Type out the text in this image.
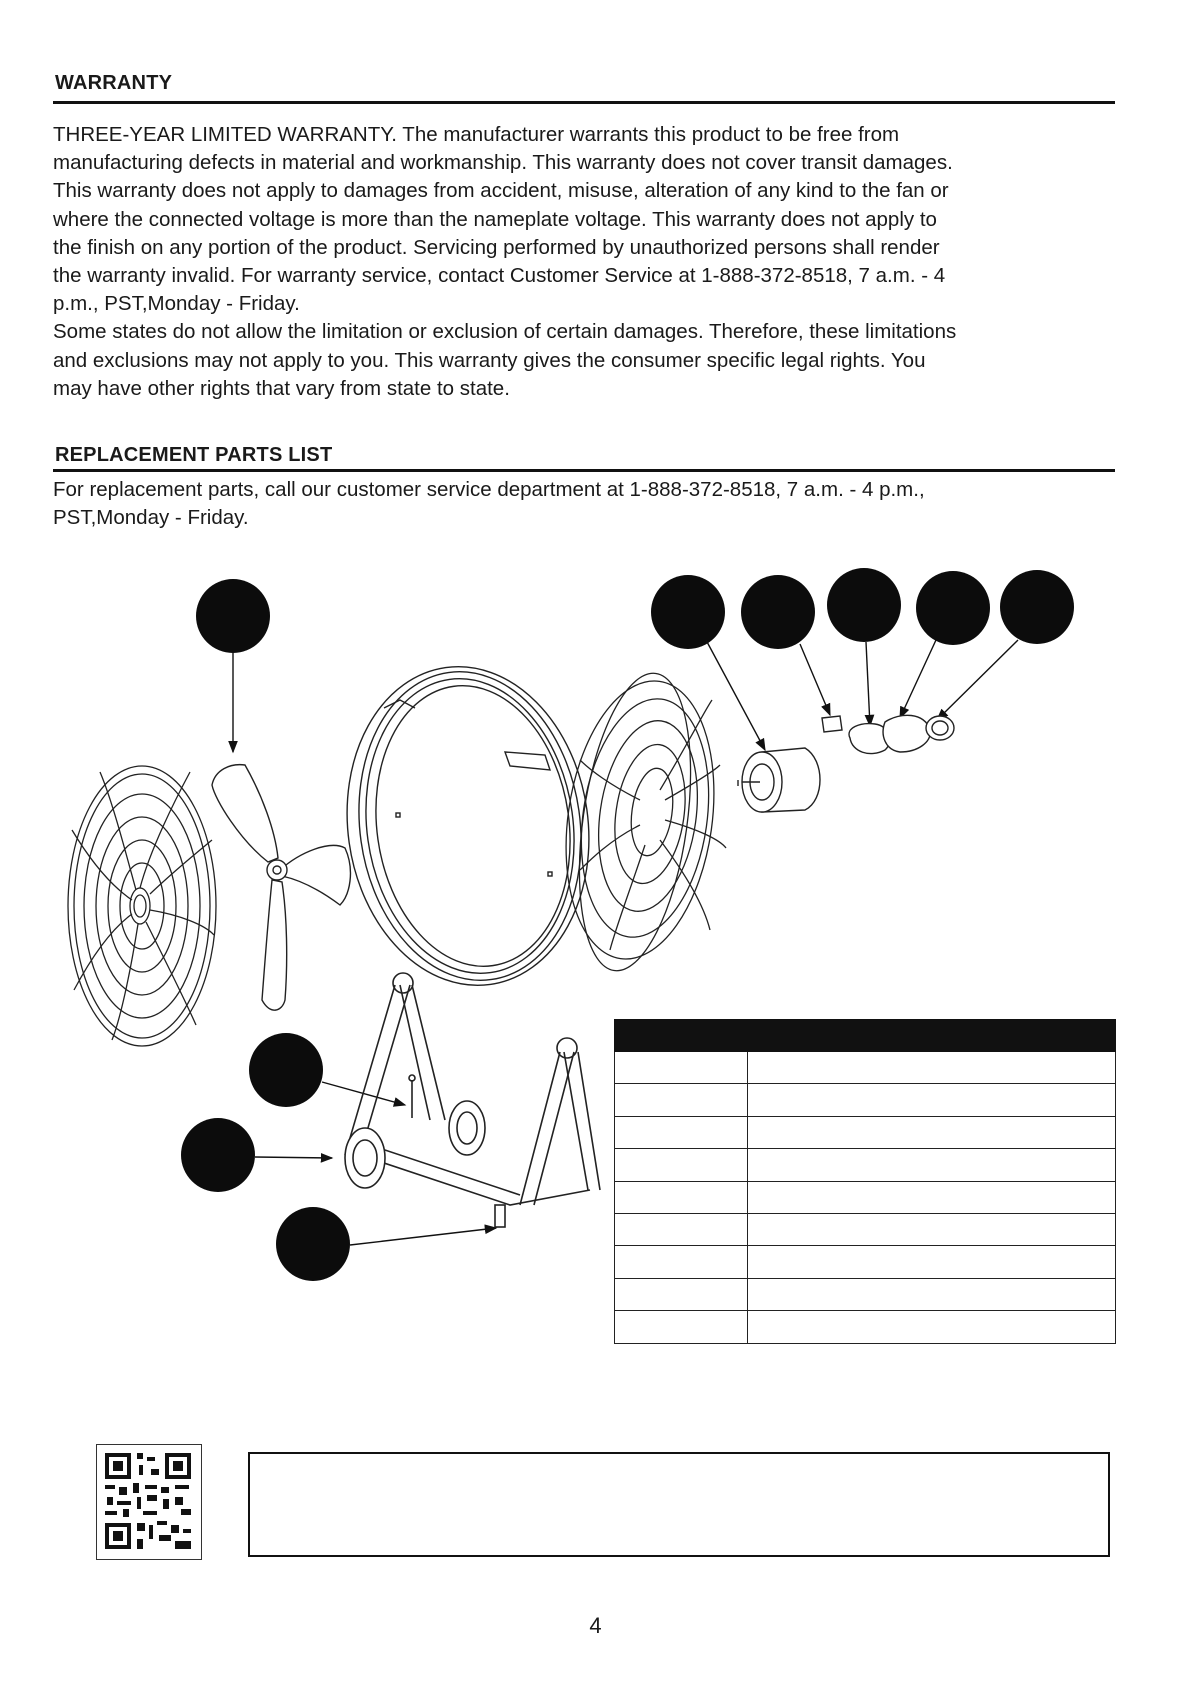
WARRANTY

THREE-YEAR LIMITED WARRANTY. The manufacturer warrants this product to be free from

manufacturing defects in material and workmanship. This warranty does not cover transit damages.

This warranty does not apply to damages from accident, misuse, alteration of any kind to the fan or

where the connected voltage is more than the nameplate voltage. This warranty does not apply to

the finish on any portion of the product. Servicing performed by unauthorized persons shall render

the warranty invalid. For warranty service, contact Customer Service at 1-888-372-8518, 7 a.m. - 4

p.m., PST,Monday - Friday.

Some states do not allow the limitation or exclusion of certain damages. Therefore, these limitations

and exclusions may not apply to you. This warranty gives the consumer specific legal rights. You

may have other rights that vary from state to state.

REPLACEMENT PARTS LIST

For replacement parts, call our customer service department at 1-888-372-8518, 7 a.m. - 4 p.m.,

PST,Monday - Friday.

4
